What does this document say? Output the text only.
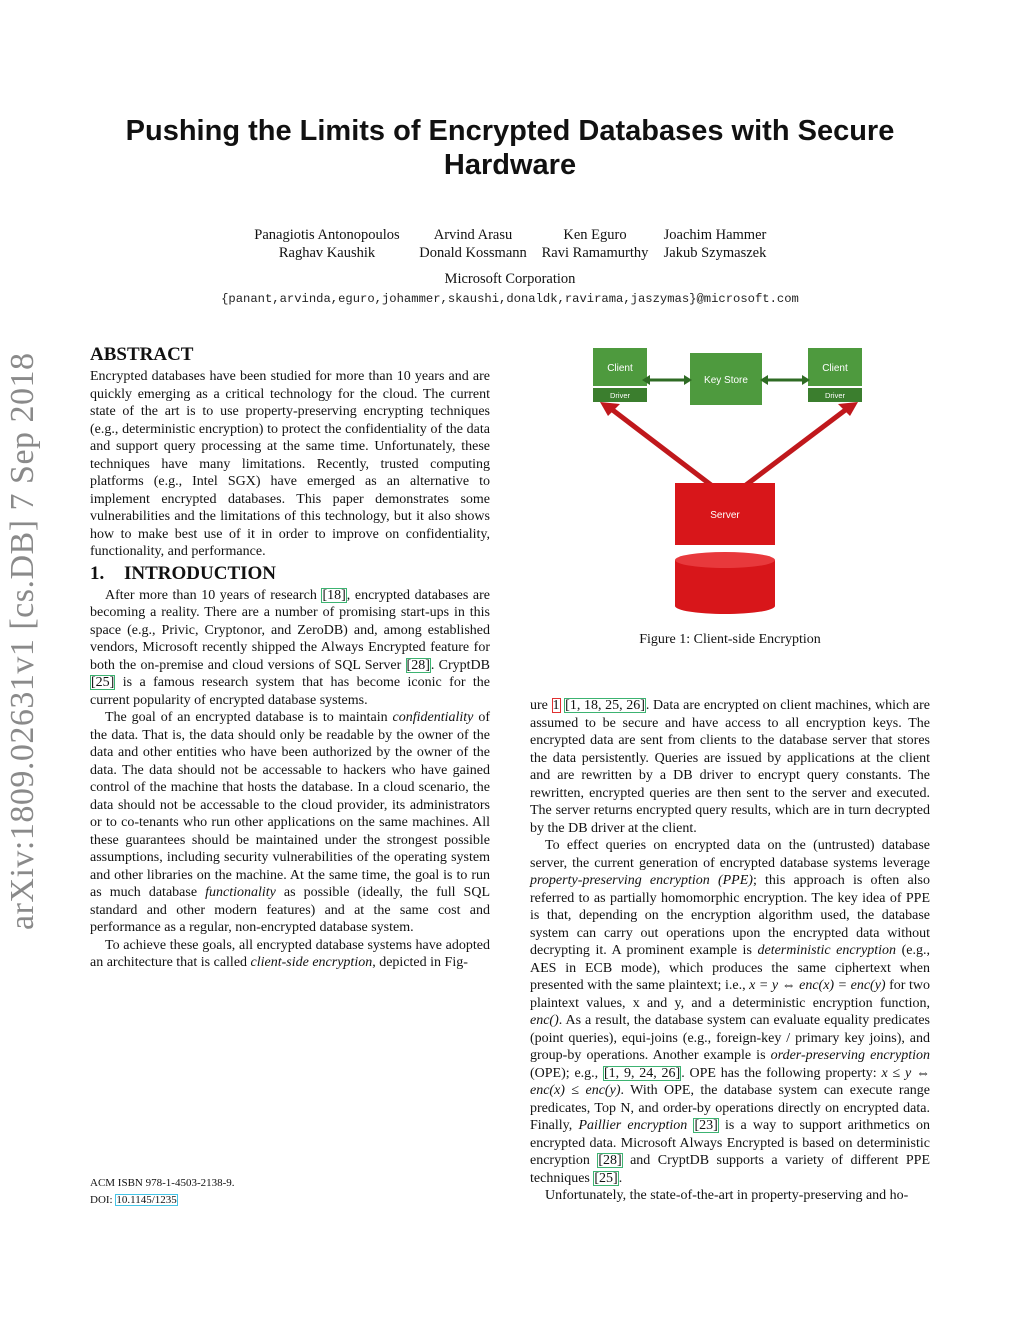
arXiv:1809.02631v1 [cs.DB] 7 Sep 2018
Pushing the Limits of Encrypted Databases with Secure Hardware
Panagiotis Antonopoulos	Arvind Arasu	Ken Eguro	Joachim Hammer
Raghav Kaushik	Donald Kossmann	Ravi Ramamurthy	Jakub Szymaszek
Microsoft Corporation
{panant,arvinda,eguro,johammer,skaushi,donaldk,ravirama,jaszymas}@microsoft.com
ABSTRACT

Encrypted databases have been studied for more than 10 years and are quickly emerging as a critical technology for the cloud. The current state of the art is to use property-preserving encrypting techniques (e.g., deterministic encryption) to protect the confidentiality of the data and support query processing at the same time. Unfortunately, these techniques have many limitations. Recently, trusted computing platforms (e.g., Intel SGX) have emerged as an alternative to implement encrypted databases. This paper demonstrates some vulnerabilities and the limitations of this technology, but it also shows how to make best use of it in order to improve on confidentiality, functionality, and performance.

1. INTRODUCTION

After more than 10 years of research [18], encrypted databases are becoming a reality. There are a number of promising start-ups in this space (e.g., Privic, Cryptonor, and ZeroDB) and, among established vendors, Microsoft recently shipped the Always Encrypted feature for both the on-premise and cloud versions of SQL Server [28]. CryptDB [25] is a famous research system that has become iconic for the current popularity of encrypted database systems.

The goal of an encrypted database is to maintain confidentiality of the data. That is, the data should only be readable by the owner of the data and other entities who have been authorized by the owner of the data. The data should not be accessable to hackers who have gained control of the machine that hosts the database. In a cloud scenario, the data should not be accessable to the cloud provider, its administrators or to co-tenants who run other applications on the same machines. All these guarantees should be maintained under the strongest possible assumptions, including security vulnerabilities of the operating system and other libraries on the machine. At the same time, the goal is to run as much database functionality as possible (ideally, the full SQL standard and other modern features) and at the same cost and performance as a regular, non-encrypted database system.

To achieve these goals, all encrypted database systems have adopted an architecture that is called client-side encryption, depicted in Fig-

ACM ISBN 978-1-4503-2138-9.
DOI: 10.1145/1235
Client
Driver
Key Store
Client
Driver
Server
Figure 1: Client-side Encryption

ure 1 [1, 18, 25, 26]. Data are encrypted on client machines, which are assumed to be secure and have access to all encryption keys. The encrypted data are sent from clients to the database server that stores the data persistently. Queries are issued by applications at the client and are rewritten by a DB driver to encrypt query constants. The rewritten, encrypted queries are then sent to the server and executed. The server returns encrypted query results, which are in turn decrypted by the DB driver at the client.

To effect queries on encrypted data on the (untrusted) database server, the current generation of encrypted database systems leverage property-preserving encryption (PPE); this approach is often also referred to as partially homomorphic encryption. The key idea of PPE is that, depending on the encryption algorithm used, the database system can carry out operations upon the encrypted data without decrypting it. A prominent example is deterministic encryption (e.g., AES in ECB mode), which produces the same ciphertext when presented with the same plaintext; i.e., x = y ⇔ enc(x) = enc(y) for two plaintext values, x and y, and a deterministic encryption function, enc(). As a result, the database system can evaluate equality predicates (point queries), equi-joins (e.g., foreign-key / primary key joins), and group-by operations. Another example is order-preserving encryption (OPE); e.g., [1, 9, 24, 26]. OPE has the following property: x ≤ y ⇔ enc(x) ≤ enc(y). With OPE, the database system can execute range predicates, Top N, and order-by operations directly on encrypted data. Finally, Paillier encryption [23] is a way to support arithmetics on encrypted data. Microsoft Always Encrypted is based on deterministic encryption [28] and CryptDB supports a variety of different PPE techniques [25].

Unfortunately, the state-of-the-art in property-preserving and ho-
